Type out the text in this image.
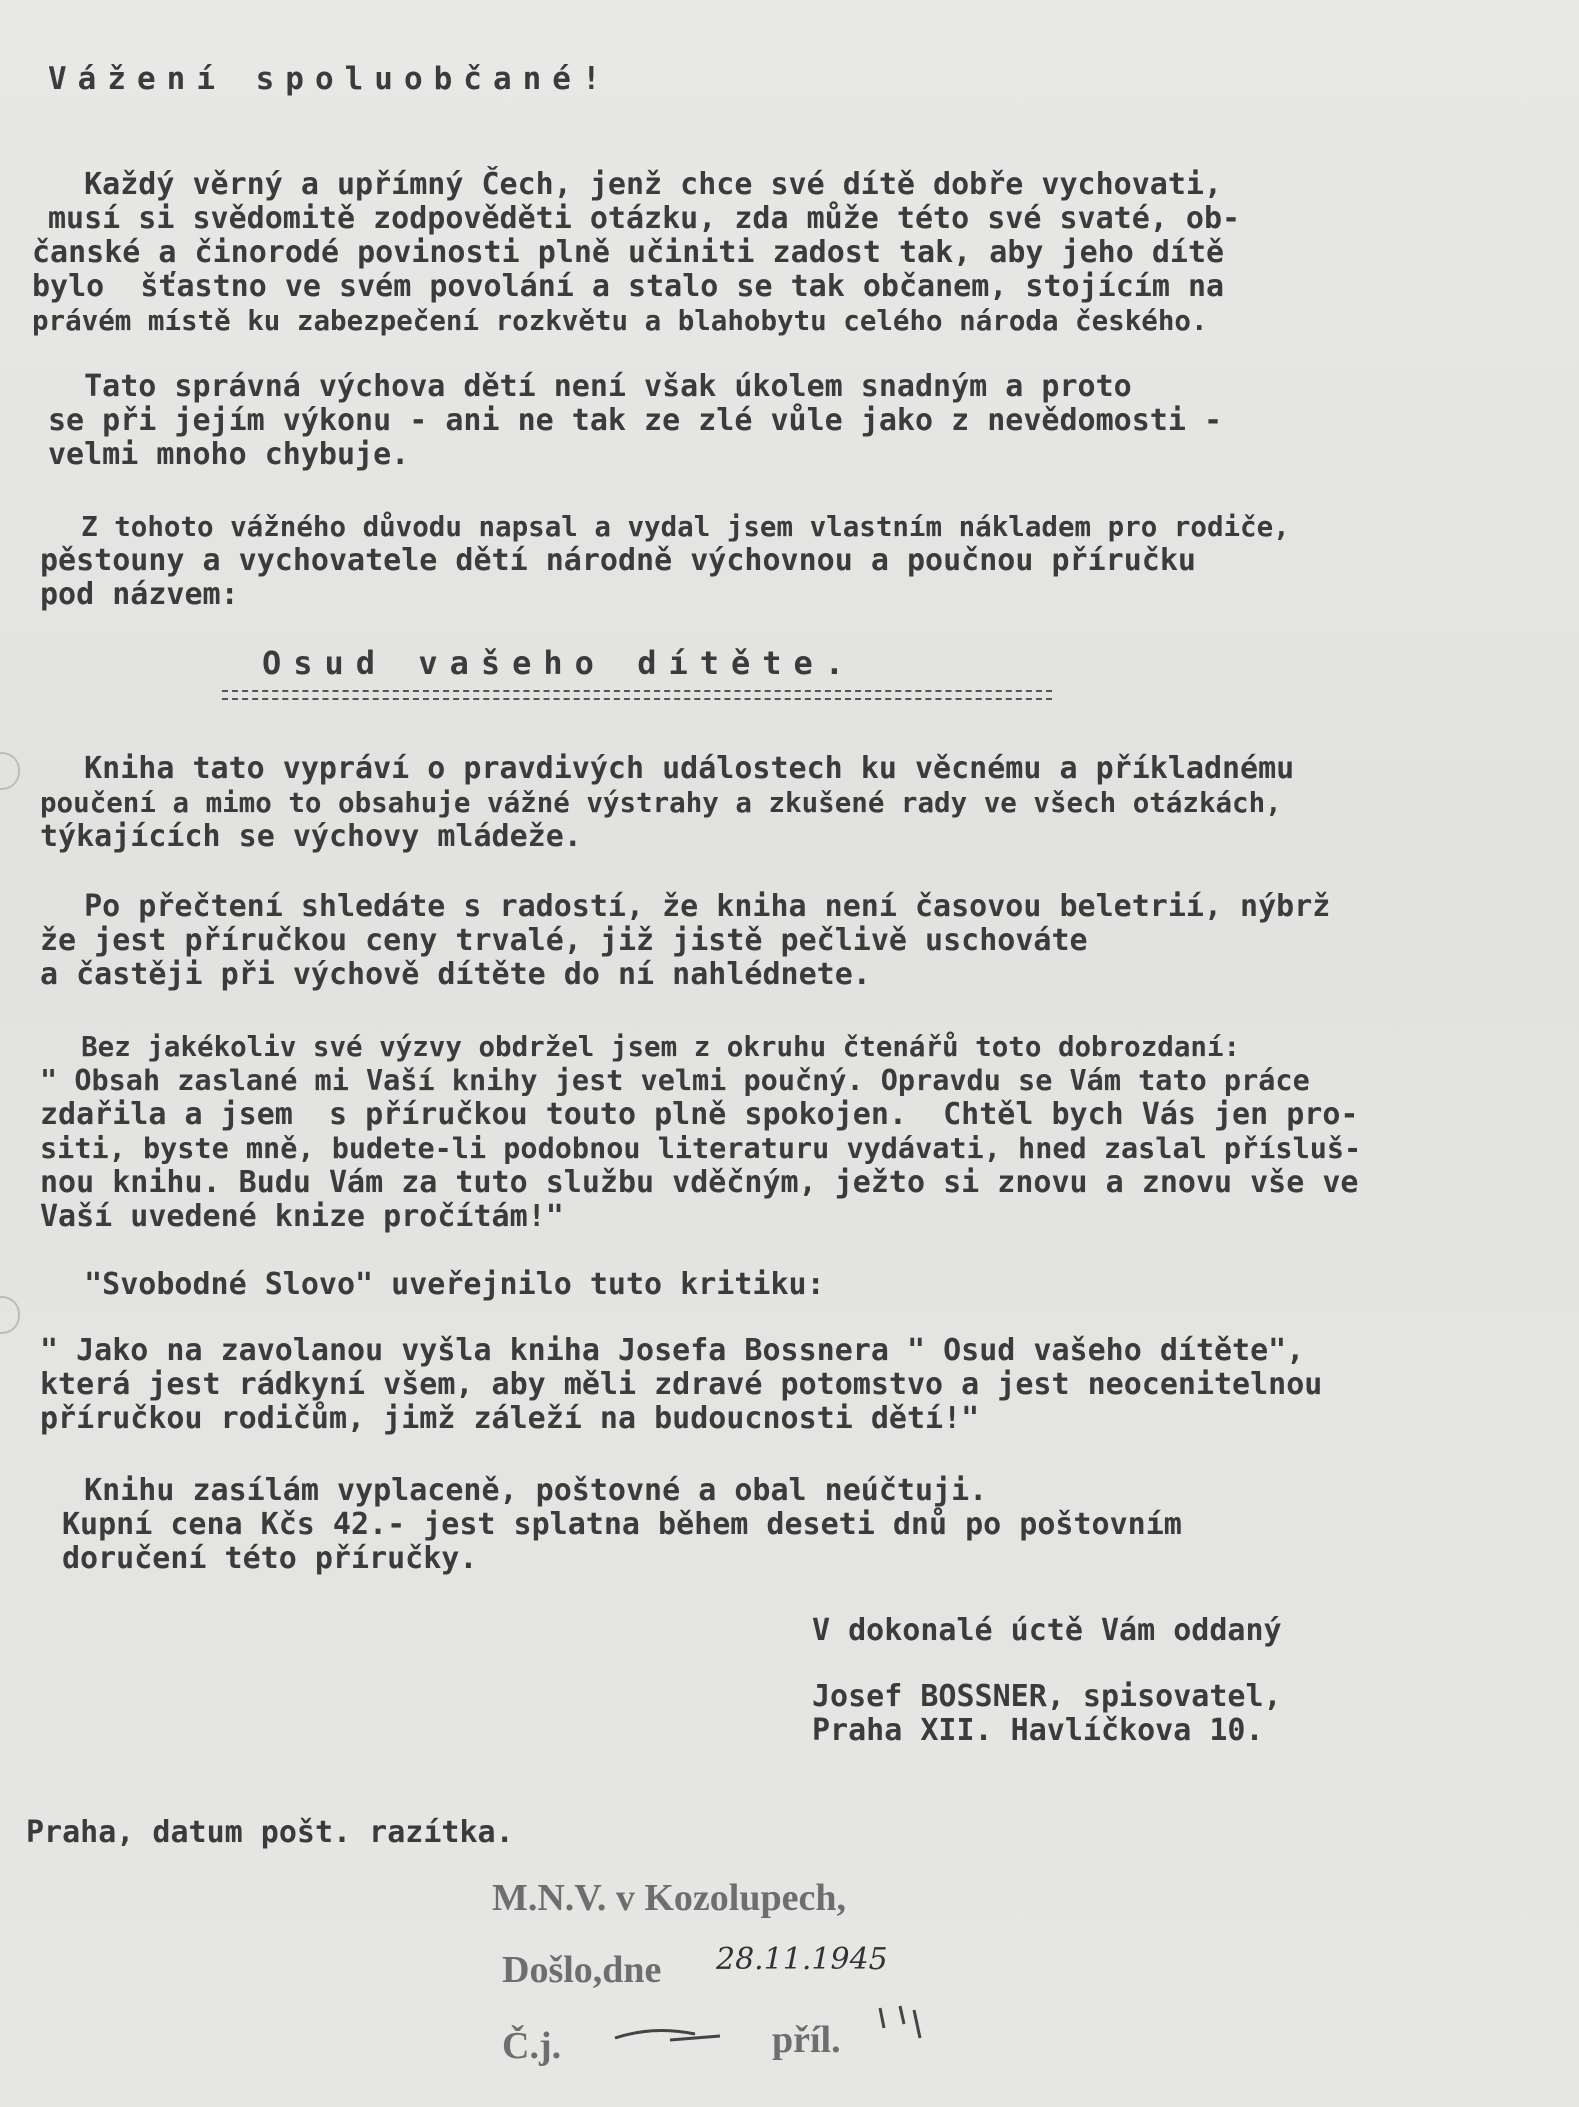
Vážení spoluobčané!
Každý věrný a upřímný Čech, jenž chce své dítě dobře vychovati,
musí si svědomitě zodpověděti otázku, zda může této své svaté, ob-
čanské a činorodé povinosti plně učiniti zadost tak, aby jeho dítě
bylo  šťastno ve svém povolání a stalo se tak občanem, stojícím na
právém místě ku zabezpečení rozkvětu a blahobytu celého národa českého.
Tato správná výchova dětí není však úkolem snadným a proto
se při jejím výkonu - ani ne tak ze zlé vůle jako z nevědomosti -
velmi mnoho chybuje.
Z tohoto vážného důvodu napsal a vydal jsem vlastním nákladem pro rodiče,
pěstouny a vychovatele dětí národně výchovnou a poučnou příručku
pod názvem:
Osud vašeho dítěte.
Kniha tato vypráví o pravdivých událostech ku věcnému a příkladnému
poučení a mimo to obsahuje vážné výstrahy a zkušené rady ve všech otázkách,
týkajících se výchovy mládeže.
Po přečtení shledáte s radostí, že kniha není časovou beletrií, nýbrž
že jest příručkou ceny trvalé, již jistě pečlivě uschováte
a častěji při výchově dítěte do ní nahlédnete.
Bez jakékoliv své výzvy obdržel jsem z okruhu čtenářů toto dobrozdaní:
" Obsah zaslané mi Vaší knihy jest velmi poučný. Opravdu se Vám tato práce
zdařila a jsem  s příručkou touto plně spokojen.  Chtěl bych Vás jen pro-
siti, byste mně, budete-li podobnou literaturu vydávati, hned zaslal přísluš-
nou knihu. Budu Vám za tuto službu vděčným, ježto si znovu a znovu vše ve
Vaší uvedené knize pročítám!"
"Svobodné Slovo" uveřejnilo tuto kritiku:
" Jako na zavolanou vyšla kniha Josefa Bossnera " Osud vašeho dítěte",
která jest rádkyní všem, aby měli zdravé potomstvo a jest neocenitelnou
příručkou rodičům, jimž záleží na budoucnosti dětí!"
Knihu zasílám vyplaceně, poštovné a obal neúčtuji.
Kupní cena Kčs 42.- jest splatna během deseti dnů po poštovním
doručení této příručky.
V dokonalé úctě Vám oddaný
Josef BOSSNER, spisovatel,
Praha XII. Havlíčkova 10.
Praha, datum pošt. razítka.
M.N.V. v Kozolupech,
Došlo,dne 28.11.1945
Č.j.	příl.
